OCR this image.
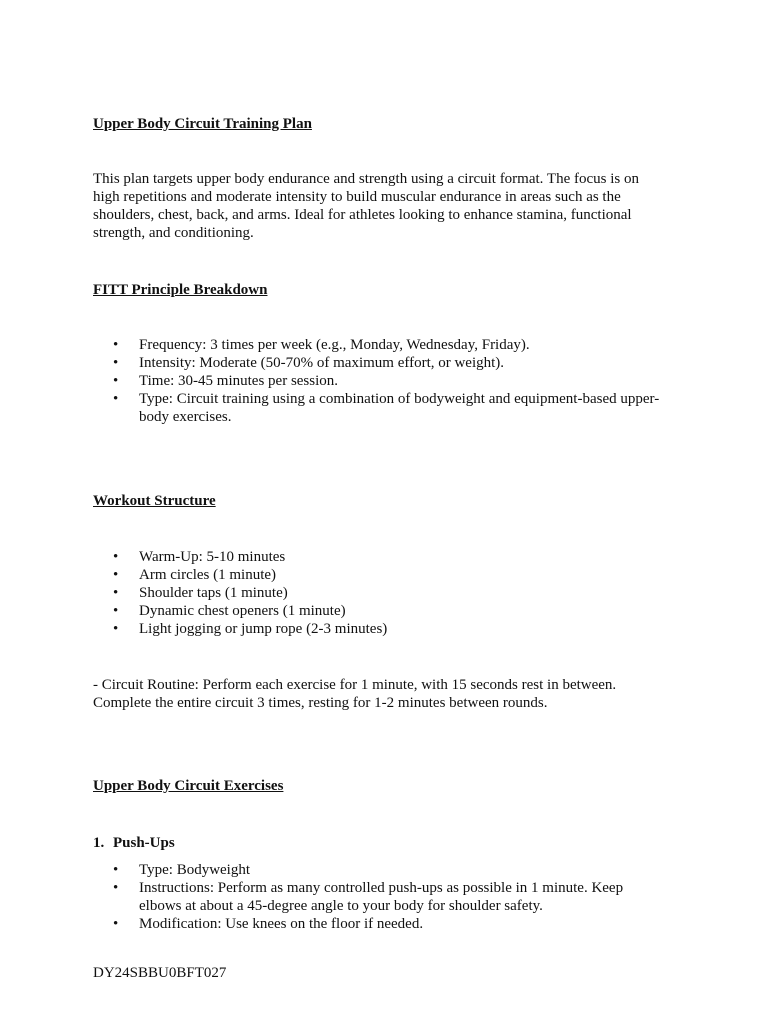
Upper Body Circuit Training Plan

This plan targets upper body endurance and strength using a circuit format. The focus is on high repetitions and moderate intensity to build muscular endurance in areas such as the shoulders, chest, back, and arms. Ideal for athletes looking to enhance stamina, functional strength, and conditioning.

FITT Principle Breakdown
• Frequency: 3 times per week (e.g., Monday, Wednesday, Friday).
• Intensity: Moderate (50-70% of maximum effort, or weight).
• Time: 30-45 minutes per session.
• Type: Circuit training using a combination of bodyweight and equipment-based upper-body exercises.
Workout Structure
• Warm-Up: 5-10 minutes
• Arm circles (1 minute)
• Shoulder taps (1 minute)
• Dynamic chest openers (1 minute)
• Light jogging or jump rope (2-3 minutes)

- Circuit Routine: Perform each exercise for 1 minute, with 15 seconds rest in between. Complete the entire circuit 3 times, resting for 1-2 minutes between rounds.

Upper Body Circuit Exercises
1. Push-Ups
• Type: Bodyweight
• Instructions: Perform as many controlled push-ups as possible in 1 minute. Keep elbows at about a 45-degree angle to your body for shoulder safety.
• Modification: Use knees on the floor if needed.
DY24SBBU0BFT027
